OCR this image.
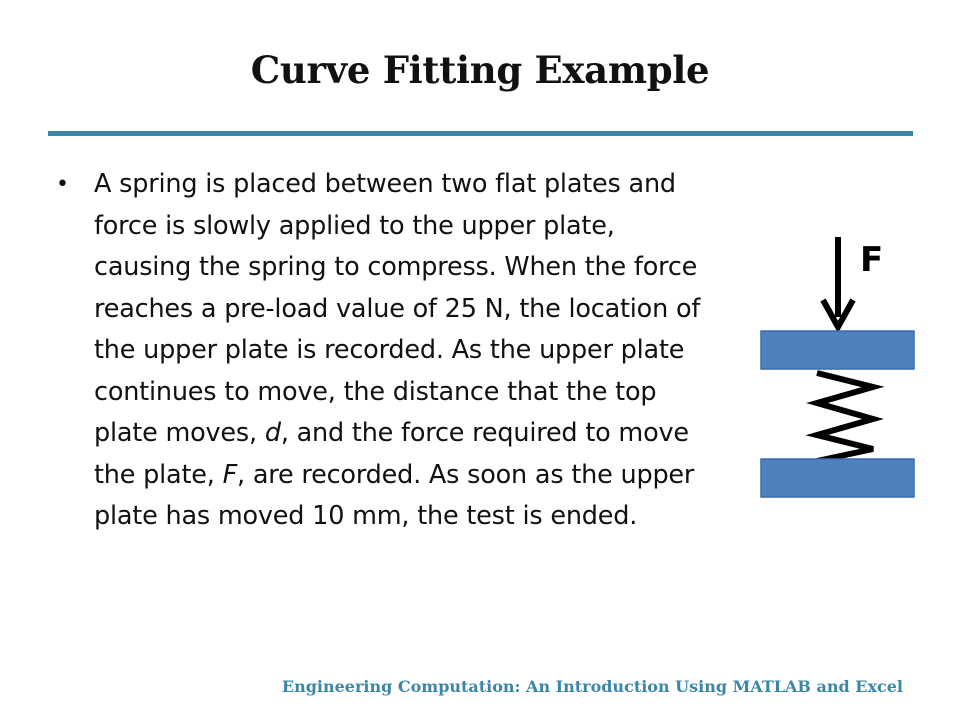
Curve Fitting Example
• A spring is placed between two flat plates and force is slowly applied to the upper plate, causing the spring to compress. When the force reaches a pre-load value of 25 N, the location of the upper plate is recorded. As the upper plate continues to move, the distance that the top plate moves, d, and the force required to move the plate, F, are recorded. As soon as the upper plate has moved 10 mm, the test is ended.
F
Engineering Computation: An Introduction Using MATLAB and Excel
